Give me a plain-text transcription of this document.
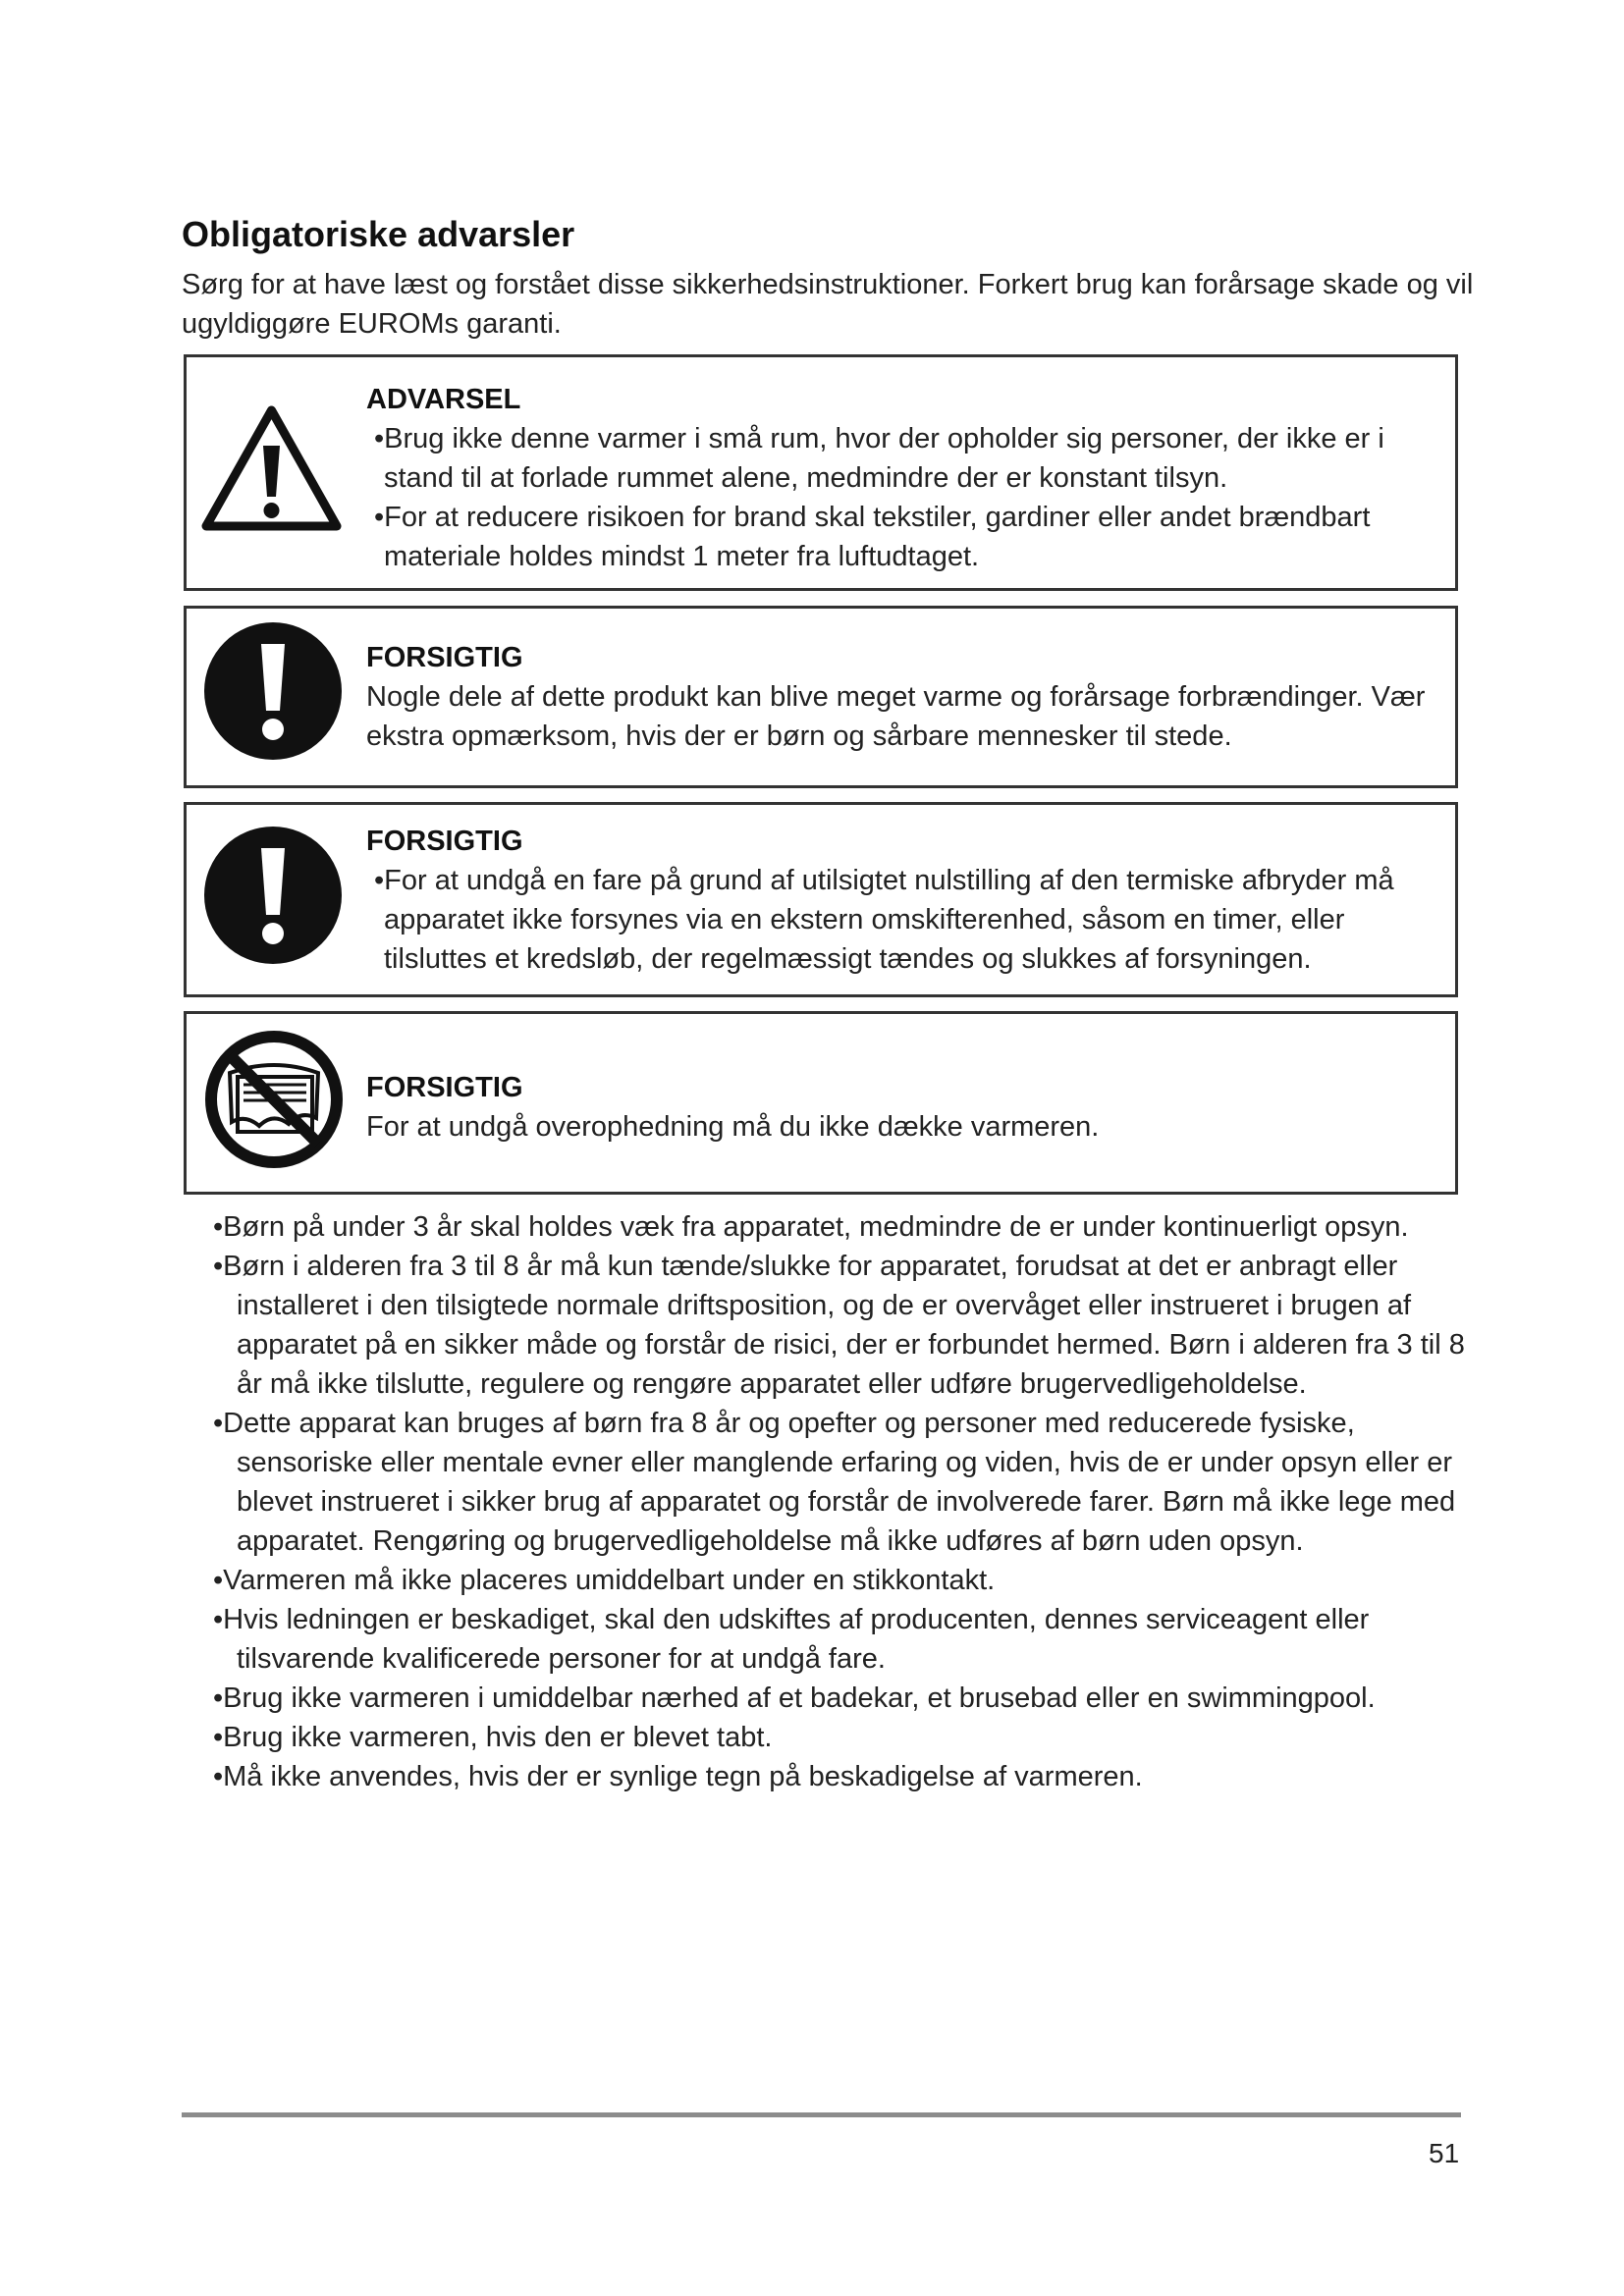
Obligatoriske advarsler
Sørg for at have læst og forstået disse sikkerhedsinstruktioner. Forkert brug kan forårsage skade og vil ugyldiggøre EUROMs garanti.
ADVARSEL
•Brug ikke denne varmer i små rum, hvor der opholder sig personer, der ikke er i stand til at forlade rummet alene, medmindre der er konstant tilsyn.
•For at reducere risikoen for brand skal tekstiler, gardiner eller andet brændbart materiale holdes mindst 1 meter fra luftudtaget.
FORSIGTIG
Nogle dele af dette produkt kan blive meget varme og forårsage forbrændinger. Vær ekstra opmærksom, hvis der er børn og sårbare mennesker til stede.
FORSIGTIG
•For at undgå en fare på grund af utilsigtet nulstilling af den termiske afbryder må apparatet ikke forsynes via en ekstern omskifterenhed, såsom en timer, eller tilsluttes et kredsløb, der regelmæssigt tændes og slukkes af forsyningen.
FORSIGTIG
For at undgå overophedning må du ikke dække varmeren.
•Børn på under 3 år skal holdes væk fra apparatet, medmindre de er under kontinuerligt opsyn.
•Børn i alderen fra 3 til 8 år må kun tænde/slukke for apparatet, forudsat at det er anbragt eller installeret i den tilsigtede normale driftsposition, og de er overvåget eller instrueret i brugen af apparatet på en sikker måde og forstår de risici, der er forbundet hermed. Børn i alderen fra 3 til 8 år må ikke tilslutte, regulere og rengøre apparatet eller udføre brugervedligeholdelse.
•Dette apparat kan bruges af børn fra 8 år og opefter og personer med reducerede fysiske, sensoriske eller mentale evner eller manglende erfaring og viden, hvis de er under opsyn eller er blevet instrueret i sikker brug af apparatet og forstår de involverede farer. Børn må ikke lege med apparatet. Rengøring og brugervedligeholdelse må ikke udføres af børn uden opsyn.
•Varmeren må ikke placeres umiddelbart under en stikkontakt.
•Hvis ledningen er beskadiget, skal den udskiftes af producenten, dennes serviceagent eller tilsvarende kvalificerede personer for at undgå fare.
•Brug ikke varmeren i umiddelbar nærhed af et badekar, et brusebad eller en swimmingpool.
•Brug ikke varmeren, hvis den er blevet tabt.
•Må ikke anvendes, hvis der er synlige tegn på beskadigelse af varmeren.
51
